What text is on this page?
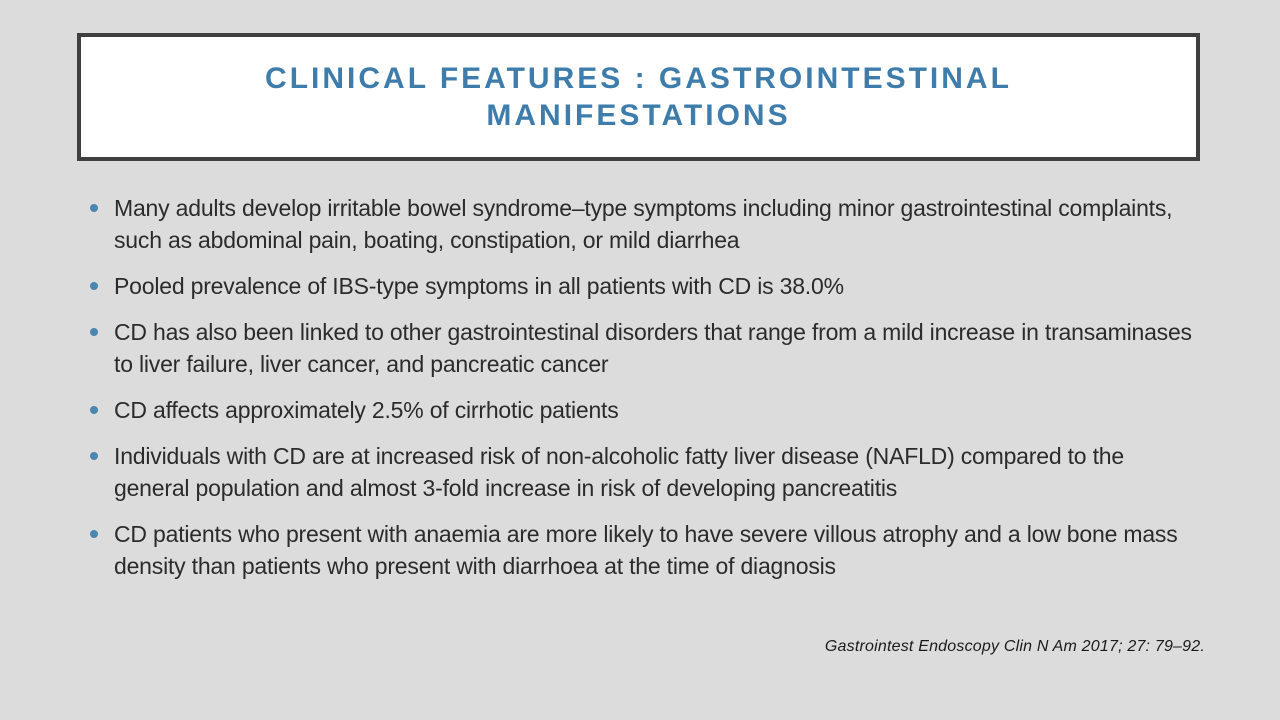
CLINICAL FEATURES : GASTROINTESTINAL MANIFESTATIONS
Many adults develop irritable bowel syndrome–type symptoms including minor gastrointestinal complaints, such as abdominal pain, boating, constipation, or mild diarrhea
Pooled prevalence of IBS-type symptoms in all patients with CD is 38.0%
CD has also been linked to other gastrointestinal disorders that range from a mild increase in transaminases to liver failure, liver cancer, and pancreatic cancer
CD affects approximately 2.5% of cirrhotic patients
Individuals with CD are at increased risk of non-alcoholic fatty liver disease (NAFLD) compared to the general population and almost 3-fold increase in risk of developing pancreatitis
CD patients who present with anaemia are more likely to have severe villous atrophy and a low bone mass density than patients who present with diarrhoea at the time of diagnosis
Gastrointest Endoscopy Clin N Am 2017; 27: 79–92.
